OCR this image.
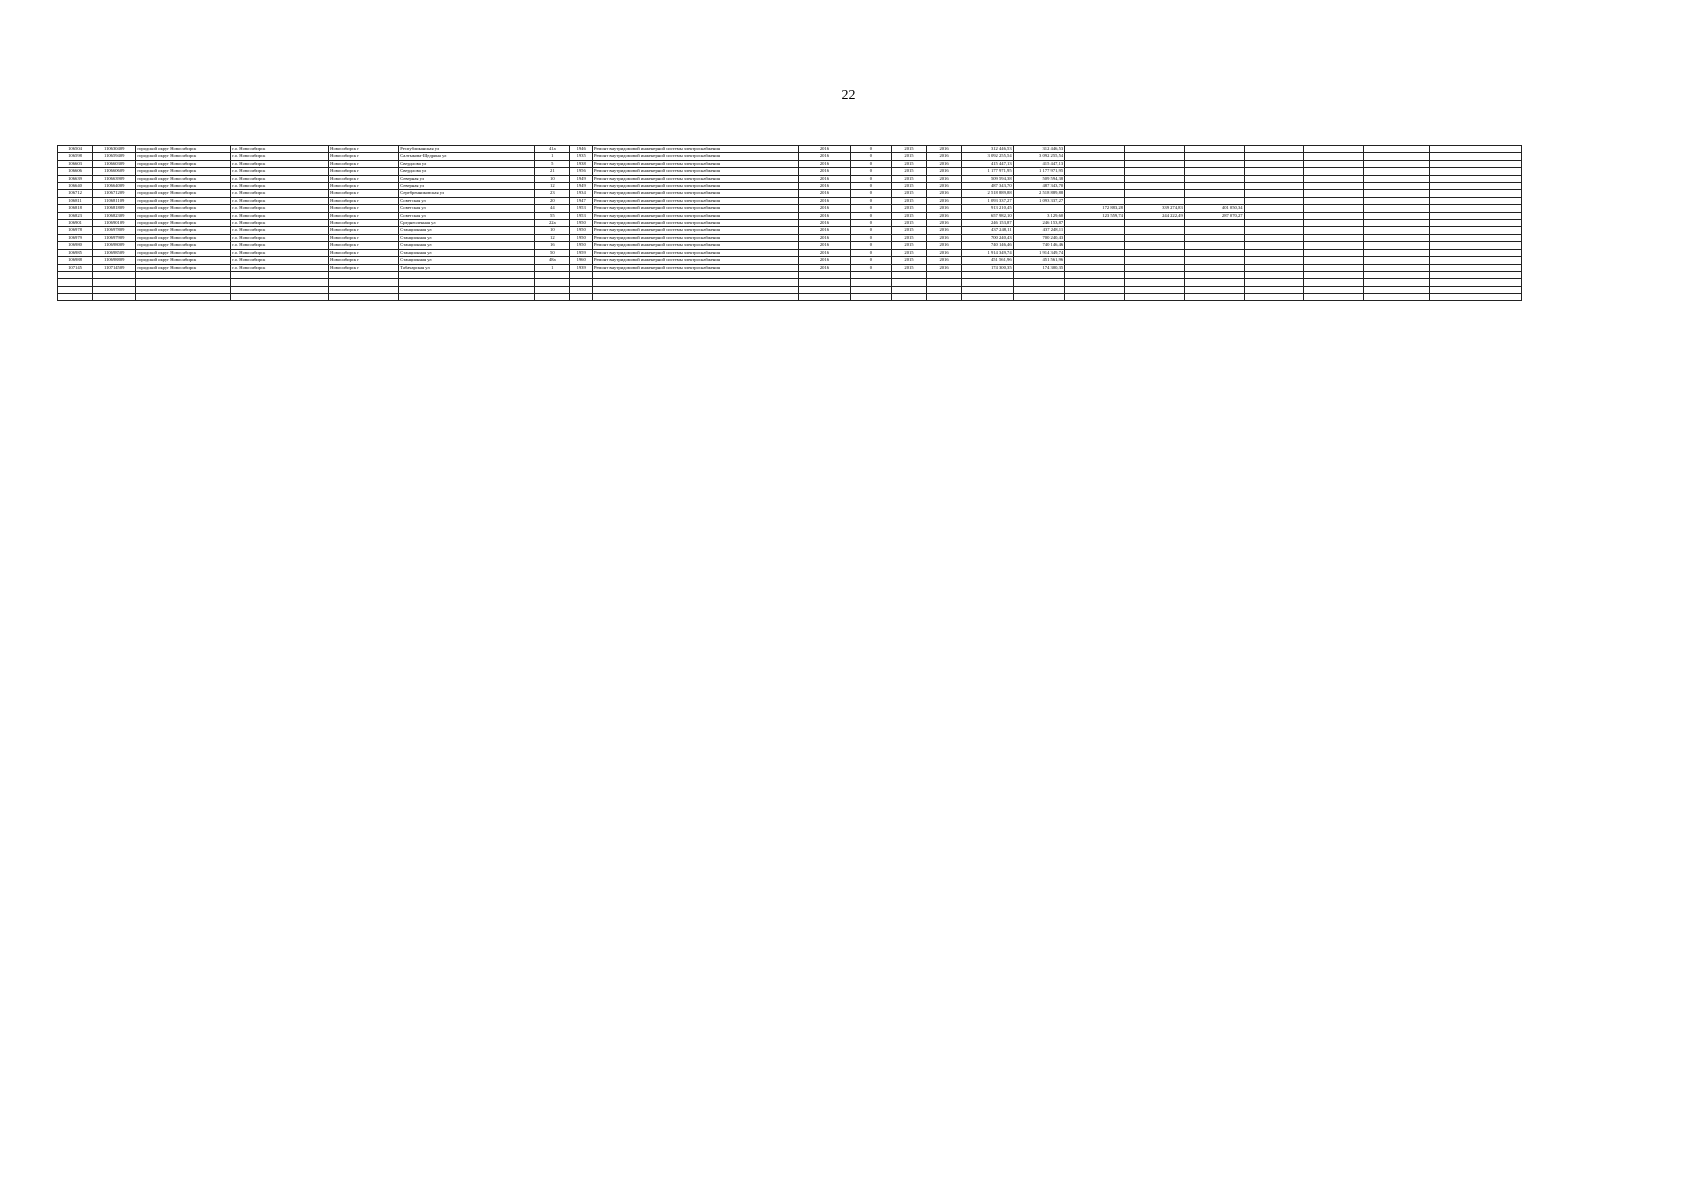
22
106504	110630409	городской округ Новосибирск	г.о. Новосибирск	Новосибирск г	Республиканская ул	41а	1946	Ремонт внутридомовой инженерной системы электроснабжения	2016	0	2015	2016	312 446,53	312 446,53							
106598	110659409	городской округ Новосибирск	г.о. Новосибирск	Новосибирск г	Салтыкова-Щедрина ул	1	1935	Ремонт внутридомовой инженерной системы электроснабжения	2016	0	2015	2016	3 092 255,54	3 092 255,54							
106603	110660309	городской округ Новосибирск	г.о. Новосибирск	Новосибирск г	Свердлова ул	5	1938	Ремонт внутридомовой инженерной системы электроснабжения	2016	0	2015	2016	415 447,13	415 447,13							
106606	110660609	городской округ Новосибирск	г.о. Новосибирск	Новосибирск г	Свердлова ул	21	1956	Ремонт внутридомовой инженерной системы электроснабжения	2016	0	2015	2016	1 177 971,95	1 177 971,95							
106639	110663909	городской округ Новосибирск	г.о. Новосибирск	Новосибирск г	Северная ул	10	1949	Ремонт внутридомовой инженерной системы электроснабжения	2016	0	2015	2016	509 594,38	509 594,38							
106640	110664009	городской округ Новосибирск	г.о. Новосибирск	Новосибирск г	Северная ул	12	1949	Ремонт внутридомовой инженерной системы электроснабжения	2016	0	2015	2016	487 343,70	487 343,70							
106712	110671209	городской округ Новосибирск	г.о. Новосибирск	Новосибирск г	Серебренниковская ул	23	1934	Ремонт внутридомовой инженерной системы электроснабжения	2016	0	2015	2016	2 518 889,88	2 518 889,88							
106811	110681109	городской округ Новосибирск	г.о. Новосибирск	Новосибирск г	Советская ул	20	1947	Ремонт внутридомовой инженерной системы электроснабжения	2016	0	2015	2016	1 093 337,27	1 093 337,27							
106818	110681809	городской округ Новосибирск	г.о. Новосибирск	Новосибирск г	Советская ул	44	1953	Ремонт внутридомовой инженерной системы электроснабжения	2016	0	2015	2016	913 210,45		172 883,28	339 274,83	401 050,34				
106823	110682309	городской округ Новосибирск	г.о. Новосибирск	Новосибирск г	Советская ул	55	1953	Ремонт внутридомовой инженерной системы электроснабжения	2016	0	2015	2016	657 982,10	3 129,60	123 559,74	244 222,49	287 070,27				
106901	110690109	городской округ Новосибирск	г.о. Новосибирск	Новосибирск г	Среднеоленная ул	22а	1950	Ремонт внутридомовой инженерной системы электроснабжения	2016	0	2015	2016	246 153,87	246 153,87							
106978	110697809	городской округ Новосибирск	г.о. Новосибирск	Новосибирск г	Станционная ул	10	1950	Ремонт внутридомовой инженерной системы электроснабжения	2016	0	2015	2016	437 248,11	437 248,11							
106979	110697909	городской округ Новосибирск	г.о. Новосибирск	Новосибирск г	Станционная ул	12	1950	Ремонт внутридомовой инженерной системы электроснабжения	2016	0	2015	2016	700 240,43	700 240,43							
106980	110698009	городской округ Новосибирск	г.о. Новосибирск	Новосибирск г	Станционная ул	16	1950	Ремонт внутридомовой инженерной системы электроснабжения	2016	0	2015	2016	740 146,46	740 146,46							
106985	110698509	городской округ Новосибирск	г.о. Новосибирск	Новосибирск г	Станционная ул	50	1959	Ремонт внутридомовой инженерной системы электроснабжения	2016	0	2015	2016	1 914 349,74	1 914 349,74							
106988	110698809	городской округ Новосибирск	г.о. Новосибирск	Новосибирск г	Станционная ул	48а	1960	Ремонт внутридомовой инженерной системы электроснабжения	2016	0	2015	2016	451 561,96	451 561,96							
107145	110714509	городской округ Новосибирск	г.о. Новосибирск	Новосибирск г	Табачарская ул	1	1939	Ремонт внутридомовой инженерной системы электроснабжения	2016	0	2015	2016	174 300,35	174 300,35							
